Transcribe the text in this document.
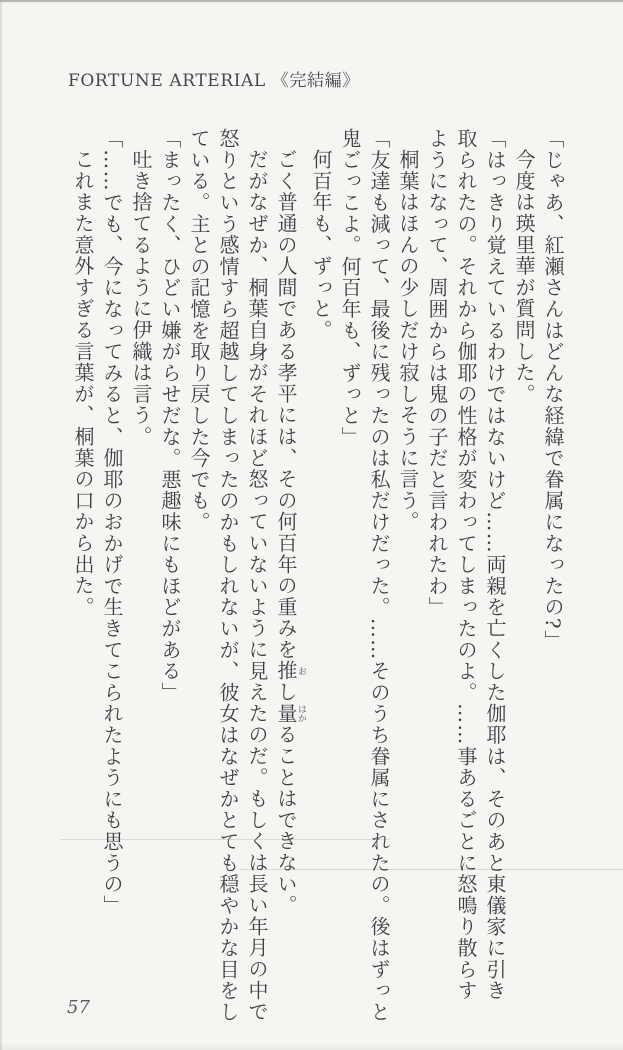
FORTUNE ARTERIAL 《完結編》

「じゃあ、紅瀬さんはどんな経緯で眷属になったの?」

今度は瑛里華が質問した。

「はっきり覚えているわけではないけど……両親を亡くした伽耶は、そのあと東儀家に引き

取られたの。それから伽耶の性格が変わってしまったのよ。……事あるごとに怒鳴り散らす

ようになって、周囲からは鬼の子だと言われたわ」

桐葉はほんの少しだけ寂しそうに言う。

「友達も減って、最後に残ったのは私だけだった。……そのうち眷属にされたの。後はずっと

鬼ごっこよ。何百年も、ずっと」

何百年も、ずっと。

ごく普通の人間である孝平には、その何百年の重みを推おし量はかることはできない。

だがなぜか、桐葉自身がそれほど怒っていないように見えたのだ。もしくは長い年月の中で

怒りという感情すら超越してしまったのかもしれないが、彼女はなぜかとても穏やかな目をし

ている。主との記憶を取り戻した今でも。

「まったく、ひどい嫌がらせだな。悪趣味にもほどがある」

吐き捨てるように伊織は言う。

「……でも、今になってみると、伽耶のおかげで生きてこられたようにも思うの」

これまた意外すぎる言葉が、桐葉の口から出た。

57
